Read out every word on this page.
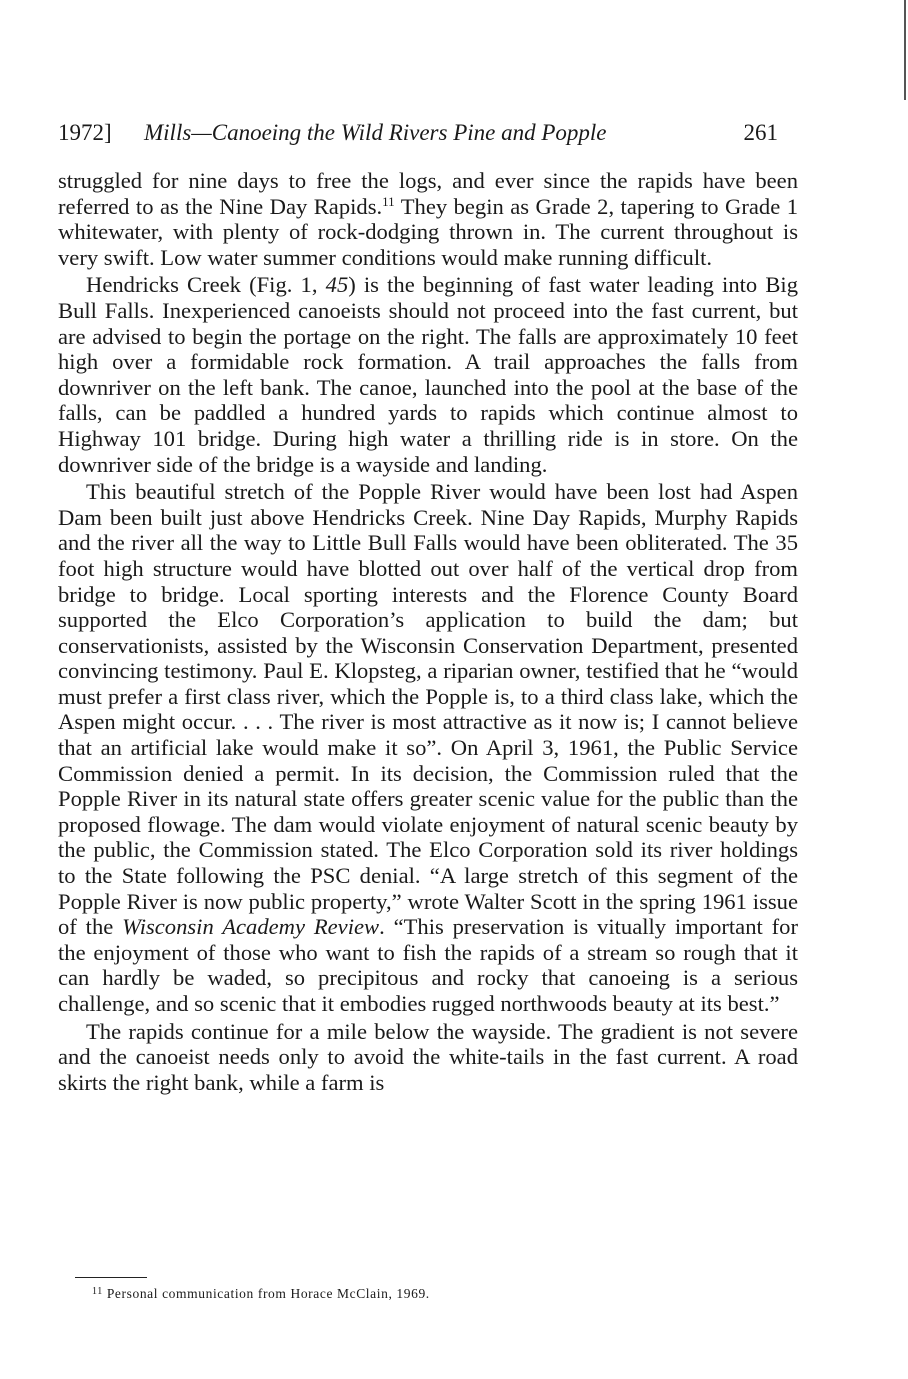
1972] Mills—Canoeing the Wild Rivers Pine and Popple	261

struggled for nine days to free the logs, and ever since the rapids have been referred to as the Nine Day Rapids.$^{11}$ They begin as Grade 2, tapering to Grade 1 whitewater, with plenty of rock-dodging thrown in. The current throughout is very swift. Low water summer conditions would make running difficult.

Hendricks Creek (Fig. 1, 45) is the beginning of fast water leading into Big Bull Falls. Inexperienced canoeists should not proceed into the fast current, but are advised to begin the portage on the right. The falls are approximately 10 feet high over a formidable rock formation. A trail approaches the falls from downriver on the left bank. The canoe, launched into the pool at the base of the falls, can be paddled a hundred yards to rapids which continue almost to Highway 101 bridge. During high water a thrilling ride is in store. On the downriver side of the bridge is a wayside and landing.

This beautiful stretch of the Popple River would have been lost had Aspen Dam been built just above Hendricks Creek. Nine Day Rapids, Murphy Rapids and the river all the way to Little Bull Falls would have been obliterated. The 35 foot high structure would have blotted out over half of the vertical drop from bridge to bridge. Local sporting interests and the Florence County Board supported the Elco Corporation’s application to build the dam; but conservationists, assisted by the Wisconsin Conservation Department, presented convincing testimony. Paul E. Klopsteg, a riparian owner, testified that he “would must prefer a first class river, which the Popple is, to a third class lake, which the Aspen might occur. . . . The river is most attractive as it now is; I cannot believe that an artificial lake would make it so”. On April 3, 1961, the Public Service Commission denied a permit. In its decision, the Commission ruled that the Popple River in its natural state offers greater scenic value for the public than the proposed flowage. The dam would violate enjoyment of natural scenic beauty by the public, the Commission stated. The Elco Corporation sold its river holdings to the State following the PSC denial. “A large stretch of this segment of the Popple River is now public property,” wrote Walter Scott in the spring 1961 issue of the Wisconsin Academy Review. “This preservation is vitually important for the enjoyment of those who want to fish the rapids of a stream so rough that it can hardly be waded, so precipitous and rocky that canoeing is a serious challenge, and so scenic that it embodies rugged northwoods beauty at its best.”

The rapids continue for a mile below the wayside. The gradient is not severe and the canoeist needs only to avoid the white-tails in the fast current. A road skirts the right bank, while a farm is

$^{11}$ Personal communication from Horace McClain, 1969.
